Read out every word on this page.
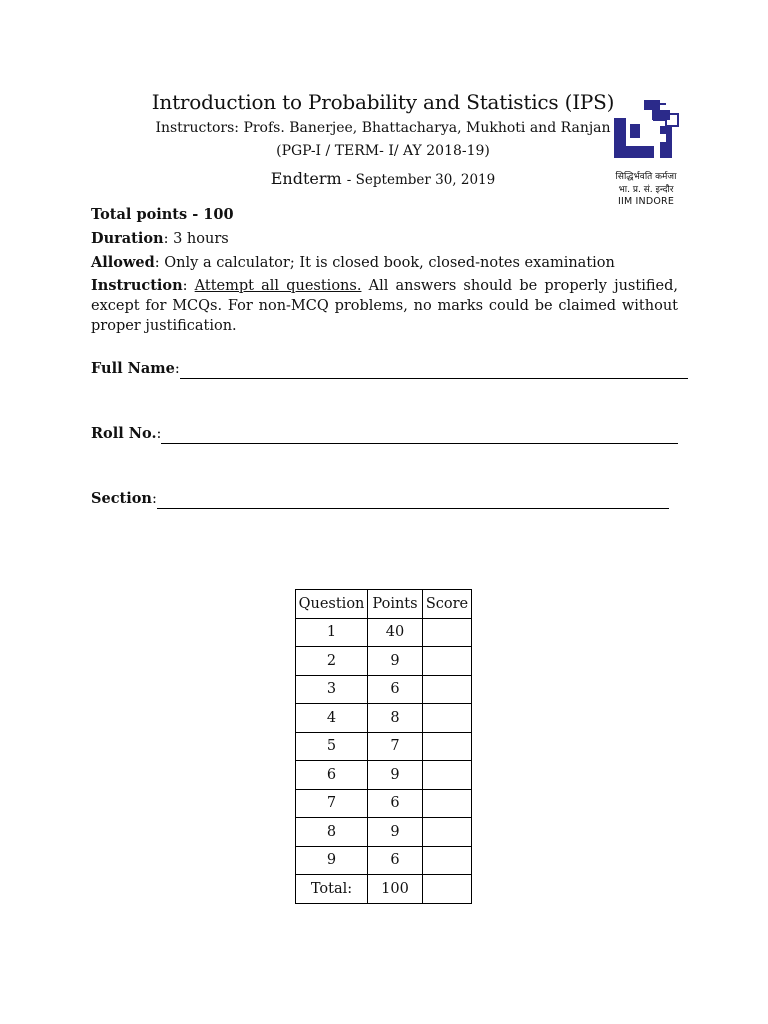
Introduction to Probability and Statistics (IPS)
Instructors: Profs. Banerjee, Bhattacharya, Mukhoti and Ranjan
(PGP-I / TERM- I/ AY 2018-19)
Endterm - September 30, 2019	सिद्धिर्भवति कर्मजा
भा. प्र. सं. इन्दौर
IIM INDORE
Total points - 100
Duration: 3 hours
Allowed: Only a calculator; It is closed book, closed-notes examination
Instruction: Attempt all questions. All answers should be properly justified, except for MCQs. For non-MCQ problems, no marks could be claimed without proper justification.
Full Name:
Roll No.:
Section:
Question	Points	Score
1	40	
2	9	
3	6	
4	8	
5	7	
6	9	
7	6	
8	9	
9	6	
Total:	100	
